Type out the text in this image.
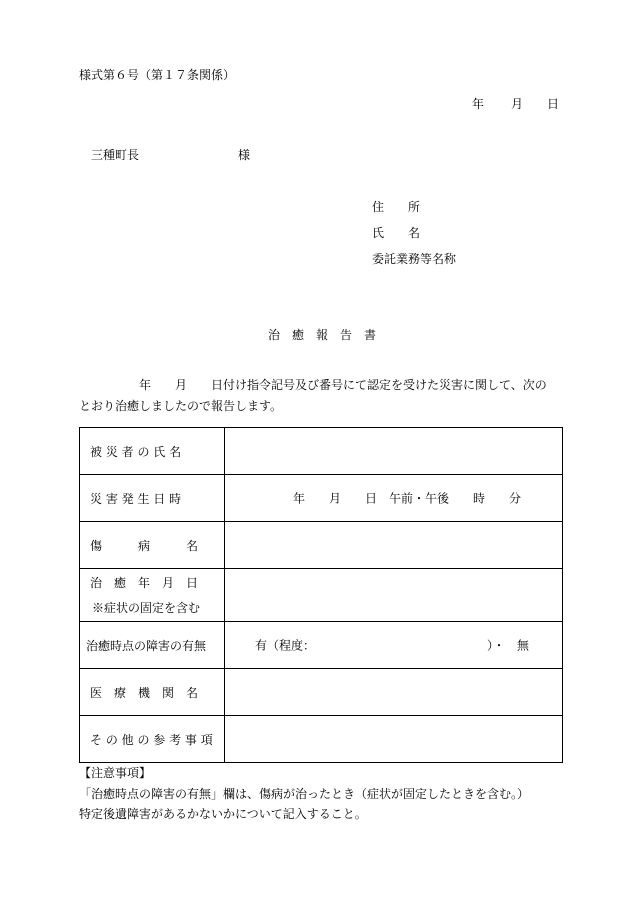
様式第６号（第１７条関係）
年 月 日
三種町長	様
住　　所
氏　　名
委託業務等名称
治　癒　報　告　書
　　　　　年　　月　　日付け指令記号及び番号にて認定を受けた災害に関して、次の
とおり治癒しましたので報告します。
被 災 者 の 氏 名	
災 害 発 生 日 時	年　　月　　日　午前・午後　　時　　分

傷　　　病　　　名	
治　癒　年　月　日
※症状の固定を含む	

治癒時点の障害の有無	有（程度： ）・　無

医　療　機　関　名	
そ の 他 の 参 考 事 項	
【注意事項】
「治癒時点の障害の有無」欄は、傷病が治ったとき（症状が固定したときを含む。）
特定後遺障害があるかないかについて記入すること。
